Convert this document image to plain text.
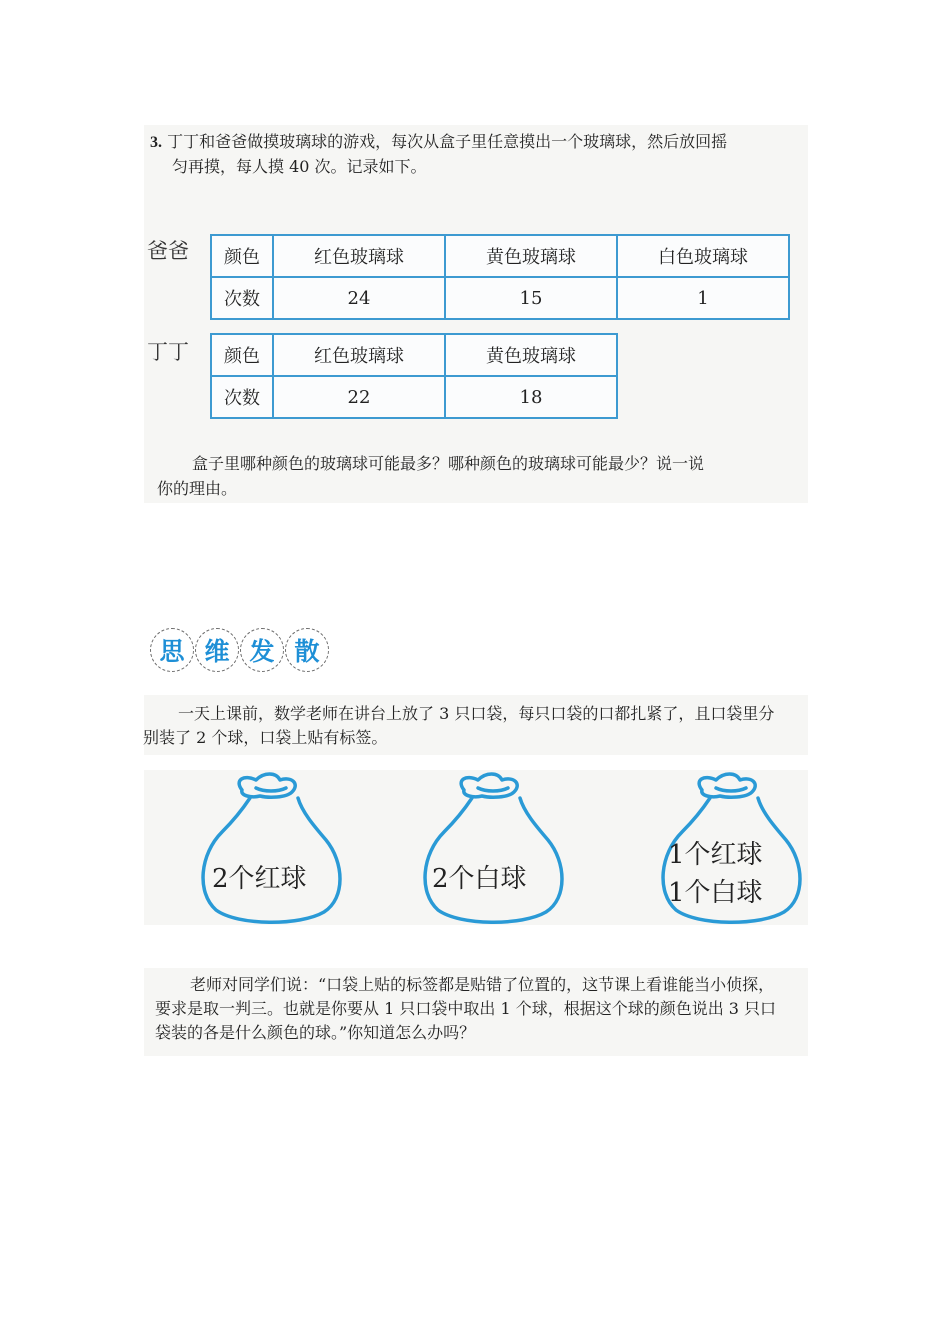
3. 丁丁和爸爸做摸玻璃球的游戏，每次从盒子里任意摸出一个玻璃球，然后放回摇
匀再摸，每人摸 40 次。记录如下。
爸爸 颜色	红色玻璃球	黄色玻璃球	白色玻璃球
次数	24	15	1
丁丁 颜色	红色玻璃球	黄色玻璃球
次数	22	18
盒子里哪种颜色的玻璃球可能最多？哪种颜色的玻璃球可能最少？说一说
你的理由。
思 维 发 散
一天上课前，数学老师在讲台上放了 3 只口袋，每只口袋的口都扎紧了，且口袋里分
别装了 2 个球，口袋上贴有标签。
2个红球	2个白球
1个红球
1个白球
老师对同学们说：“口袋上贴的标签都是贴错了位置的，这节课上看谁能当小侦探，
要求是取一判三。也就是你要从 1 只口袋中取出 1 个球，根据这个球的颜色说出 3 只口
袋装的各是什么颜色的球。”你知道怎么办吗？
